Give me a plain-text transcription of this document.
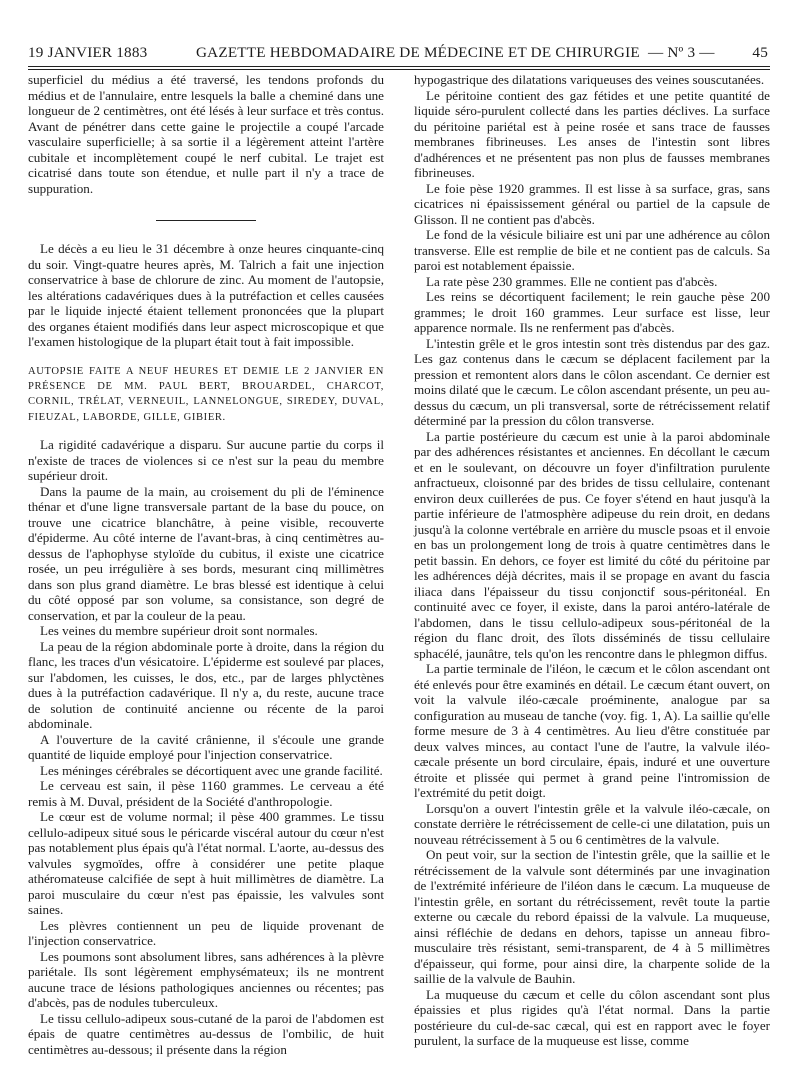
19 JANVIER 1883	GAZETTE HEBDOMADAIRE DE MÉDECINE ET DE CHIRURGIE — Nº 3 — 45

superficiel du médius a été traversé, les tendons profonds du médius et de l'annulaire, entre lesquels la balle a cheminé dans une longueur de 2 centimètres, ont été lésés à leur surface et très contus. Avant de pénétrer dans cette gaine le projectile a coupé l'arcade vasculaire superficielle; à sa sortie il a légèrement atteint l'artère cubitale et incomplètement coupé le nerf cubital. Le trajet est cicatrisé dans toute son étendue, et nulle part il n'y a trace de suppuration.

Le décès a eu lieu le 31 décembre à onze heures cinquante-cinq du soir. Vingt-quatre heures après, M. Talrich a fait une injection conservatrice à base de chlorure de zinc. Au moment de l'autopsie, les altérations cadavériques dues à la putréfaction et celles causées par le liquide injecté étaient tellement prononcées que la plupart des organes étaient modifiés dans leur aspect microscopique et que l'examen histologique de la plupart était tout à fait impossible.

AUTOPSIE FAITE A NEUF HEURES ET DEMIE LE 2 JANVIER EN PRÉSENCE DE MM. PAUL BERT, BROUARDEL, CHARCOT, CORNIL, TRÉLAT, VERNEUIL, LANNELONGUE, SIREDEY, DUVAL, FIEUZAL, LABORDE, GILLE, GIBIER.

La rigidité cadavérique a disparu. Sur aucune partie du corps il n'existe de traces de violences si ce n'est sur la peau du membre supérieur droit.

Dans la paume de la main, au croisement du pli de l'éminence thénar et d'une ligne transversale partant de la base du pouce, on trouve une cicatrice blanchâtre, à peine visible, recouverte d'épiderme. Au côté interne de l'avant-bras, à cinq centimètres au-dessus de l'aphophyse styloïde du cubitus, il existe une cicatrice rosée, un peu irrégulière à ses bords, mesurant cinq millimètres dans son plus grand diamètre. Le bras blessé est identique à celui du côté opposé par son volume, sa consistance, son degré de conservation, et par la couleur de la peau.

Les veines du membre supérieur droit sont normales.

La peau de la région abdominale porte à droite, dans la région du flanc, les traces d'un vésicatoire. L'épiderme est soulevé par places, sur l'abdomen, les cuisses, le dos, etc., par de larges phlyctènes dues à la putréfaction cadavérique. Il n'y a, du reste, aucune trace de solution de continuité ancienne ou récente de la paroi abdominale.

A l'ouverture de la cavité crânienne, il s'écoule une grande quantité de liquide employé pour l'injection conservatrice.

Les méninges cérébrales se décortiquent avec une grande facilité.

Le cerveau est sain, il pèse 1160 grammes. Le cerveau a été remis à M. Duval, président de la Société d'anthropologie.

Le cœur est de volume normal; il pèse 400 grammes. Le tissu cellulo-adipeux situé sous le péricarde viscéral autour du cœur n'est pas notablement plus épais qu'à l'état normal. L'aorte, au-dessus des valvules sygmoïdes, offre à considérer une petite plaque athéromateuse calcifiée de sept à huit millimètres de diamètre. La paroi musculaire du cœur n'est pas épaissie, les valvules sont saines.

Les plèvres contiennent un peu de liquide provenant de l'injection conservatrice.

Les poumons sont absolument libres, sans adhérences à la plèvre pariétale. Ils sont légèrement emphysémateux; ils ne montrent aucune trace de lésions pathologiques anciennes ou récentes; pas d'abcès, pas de nodules tuberculeux.

Le tissu cellulo-adipeux sous-cutané de la paroi de l'abdomen est épais de quatre centimètres au-dessus de l'ombilic, de huit centimètres au-dessous; il présente dans la région

hypogastrique des dilatations variqueuses des veines souscutanées.

Le péritoine contient des gaz fétides et une petite quantité de liquide séro-purulent collecté dans les parties déclives. La surface du péritoine pariétal est à peine rosée et sans trace de fausses membranes fibrineuses. Les anses de l'intestin sont libres d'adhérences et ne présentent pas non plus de fausses membranes fibrineuses.

Le foie pèse 1920 grammes. Il est lisse à sa surface, gras, sans cicatrices ni épaississement général ou partiel de la capsule de Glisson. Il ne contient pas d'abcès.

Le fond de la vésicule biliaire est uni par une adhérence au côlon transverse. Elle est remplie de bile et ne contient pas de calculs. Sa paroi est notablement épaissie.

La rate pèse 230 grammes. Elle ne contient pas d'abcès.

Les reins se décortiquent facilement; le rein gauche pèse 200 grammes; le droit 160 grammes. Leur surface est lisse, leur apparence normale. Ils ne renferment pas d'abcès.

L'intestin grêle et le gros intestin sont très distendus par des gaz. Les gaz contenus dans le cæcum se déplacent facilement par la pression et remontent alors dans le côlon ascendant. Ce dernier est moins dilaté que le cæcum. Le côlon ascendant présente, un peu au-dessus du cæcum, un pli transversal, sorte de rétrécissement relatif déterminé par la pression du côlon transverse.

La partie postérieure du cæcum est unie à la paroi abdominale par des adhérences résistantes et anciennes. En décollant le cæcum et en le soulevant, on découvre un foyer d'infiltration purulente anfractueux, cloisonné par des brides de tissu cellulaire, contenant environ deux cuillerées de pus. Ce foyer s'étend en haut jusqu'à la partie inférieure de l'atmosphère adipeuse du rein droit, en dedans jusqu'à la colonne vertébrale en arrière du muscle psoas et il envoie en bas un prolongement long de trois à quatre centimètres dans le petit bassin. En dehors, ce foyer est limité du côté du péritoine par les adhérences déjà décrites, mais il se propage en avant du fascia iliaca dans l'épaisseur du tissu conjonctif sous-péritonéal. En continuité avec ce foyer, il existe, dans la paroi antéro-latérale de l'abdomen, dans le tissu cellulo-adipeux sous-péritonéal de la région du flanc droit, des îlots disséminés de tissu cellulaire sphacélé, jaunâtre, tels qu'on les rencontre dans le phlegmon diffus.

La partie terminale de l'iléon, le cæcum et le côlon ascendant ont été enlevés pour être examinés en détail. Le cæcum étant ouvert, on voit la valvule iléo-cæcale proéminente, analogue par sa configuration au museau de tanche (voy. fig. 1, A). La saillie qu'elle forme mesure de 3 à 4 centimètres. Au lieu d'être constituée par deux valves minces, au contact l'une de l'autre, la valvule iléo-cæcale présente un bord circulaire, épais, induré et une ouverture étroite et plissée qui permet à grand peine l'intromission de l'extrémité du petit doigt.

Lorsqu'on a ouvert l'intestin grêle et la valvule iléo-cæcale, on constate derrière le rétrécissement de celle-ci une dilatation, puis un nouveau rétrécissement à 5 ou 6 centimètres de la valvule.

On peut voir, sur la section de l'intestin grêle, que la saillie et le rétrécissement de la valvule sont déterminés par une invagination de l'extrémité inférieure de l'iléon dans le cæcum. La muqueuse de l'intestin grêle, en sortant du rétrécissement, revêt toute la partie externe ou cæcale du rebord épaissi de la valvule. La muqueuse, ainsi réfléchie de dedans en dehors, tapisse un anneau fibro-musculaire très résistant, semi-transparent, de 4 à 5 millimètres d'épaisseur, qui forme, pour ainsi dire, la charpente solide de la saillie de la valvule de Bauhin.

La muqueuse du cæcum et celle du côlon ascendant sont plus épaissies et plus rigides qu'à l'état normal. Dans la partie postérieure du cul-de-sac cæcal, qui est en rapport avec le foyer purulent, la surface de la muqueuse est lisse, comme
